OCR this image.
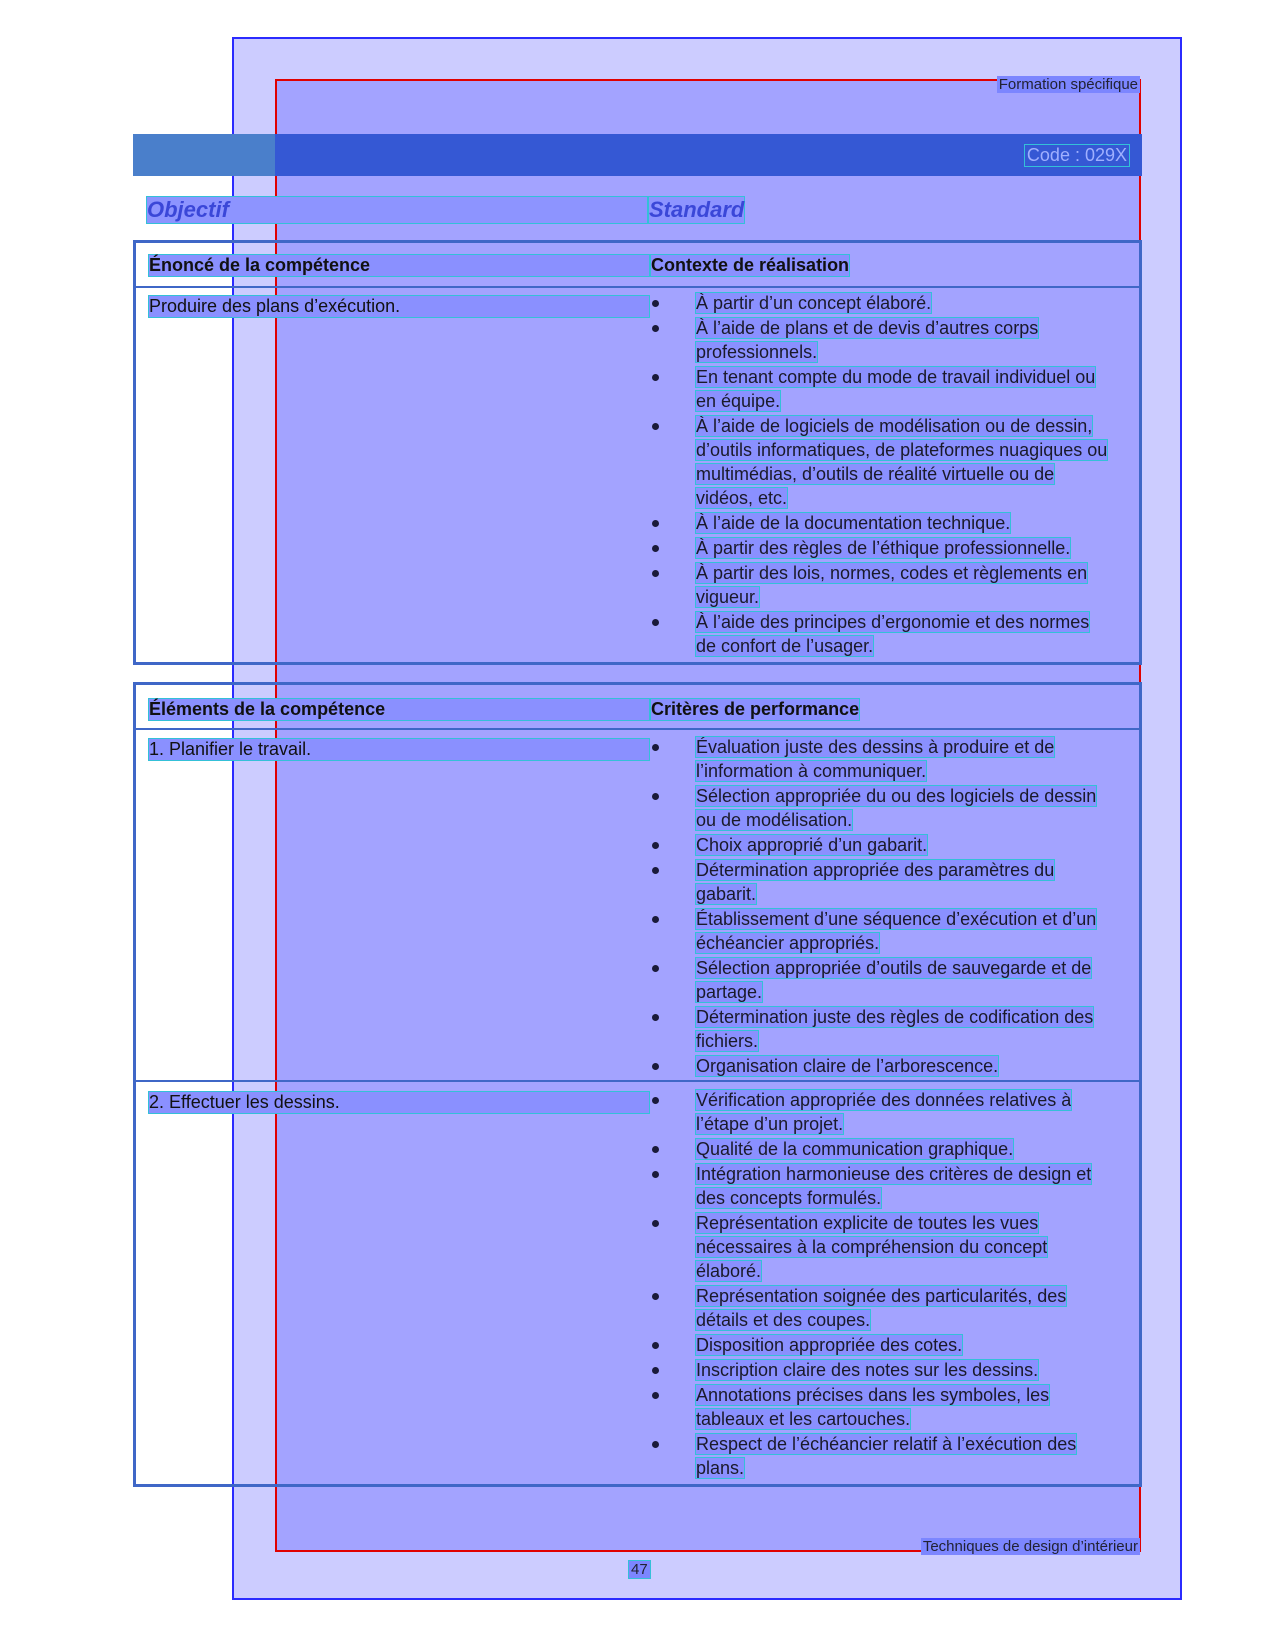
Formation spécifique
Code : 029X
Objectif	Standard
Énoncé de la compétence	Contexte de réalisation
Produire des plans d’exécution.	À partir d’un concept élaboré.
À l’aide de plans et de devis d’autres corps professionnels.
En tenant compte du mode de travail individuel ou en équipe.
À l’aide de logiciels de modélisation ou de dessin, d’outils informatiques, de plateformes nuagiques ou multimédias, d’outils de réalité virtuelle ou de vidéos, etc.
À l’aide de la documentation technique.
À partir des règles de l’éthique professionnelle.
À partir des lois, normes, codes et règlements en vigueur.
À l’aide des principes d’ergonomie et des normes de confort de l’usager.
Éléments de la compétence	Critères de performance
1. Planifier le travail.	Évaluation juste des dessins à produire et de l’information à communiquer.
Sélection appropriée du ou des logiciels de dessin ou de modélisation.
Choix approprié d’un gabarit.
Détermination appropriée des paramètres du gabarit.
Établissement d’une séquence d’exécution et d’un échéancier appropriés.
Sélection appropriée d’outils de sauvegarde et de partage.
Détermination juste des règles de codification des fichiers.
Organisation claire de l’arborescence.
2. Effectuer les dessins.	Vérification appropriée des données relatives à l’étape d’un projet.
Qualité de la communication graphique.
Intégration harmonieuse des critères de design et des concepts formulés.
Représentation explicite de toutes les vues nécessaires à la compréhension du concept élaboré.
Représentation soignée des particularités, des détails et des coupes.
Disposition appropriée des cotes.
Inscription claire des notes sur les dessins.
Annotations précises dans les symboles, les tableaux et les cartouches.
Respect de l’échéancier relatif à l’exécution des plans.
Techniques de design d’intérieur
47
